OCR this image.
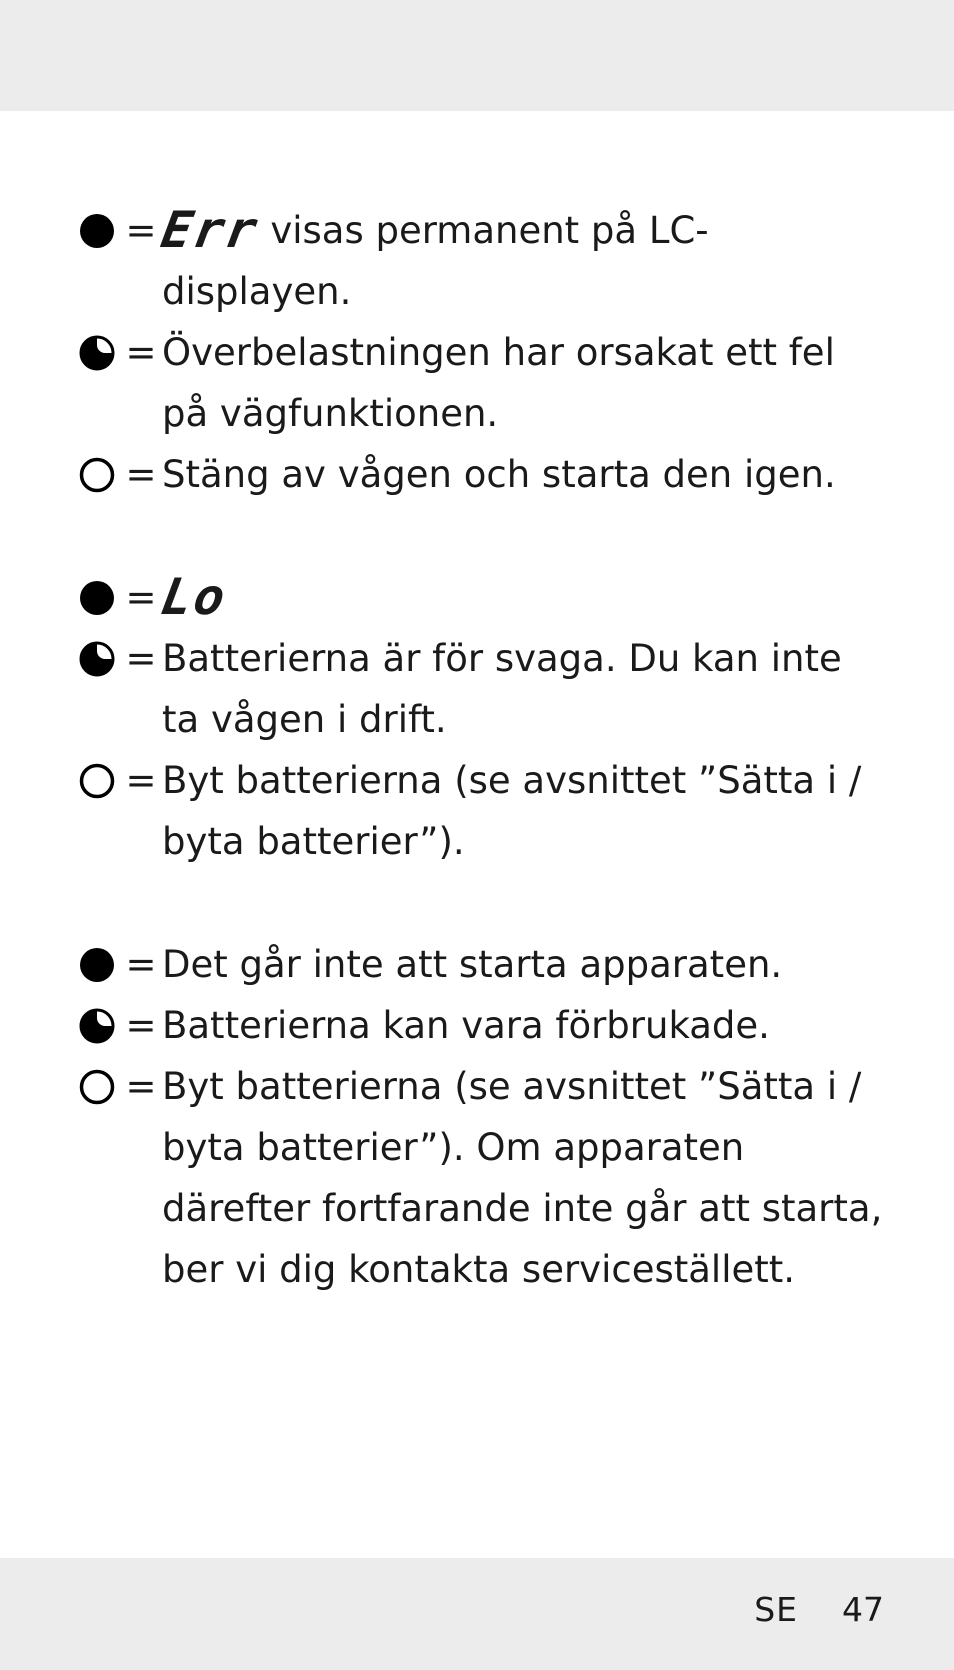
= Err visas permanent på LC-displayen.
= Överbelastningen har orsakat ett fel på vägfunktionen.
= Stäng av vågen och starta den igen.
= Lo
= Batterierna är för svaga. Du kan inte ta vågen i drift.
= Byt batterierna (se avsnittet ”Sätta i / byta batterier”).
= Det går inte att starta apparaten.
= Batterierna kan vara förbrukade.
= Byt batterierna (se avsnittet ”Sätta i / byta batterier”). Om apparaten därefter fortfarande inte går att starta, ber vi dig kontakta serviceställett.
SE 47
